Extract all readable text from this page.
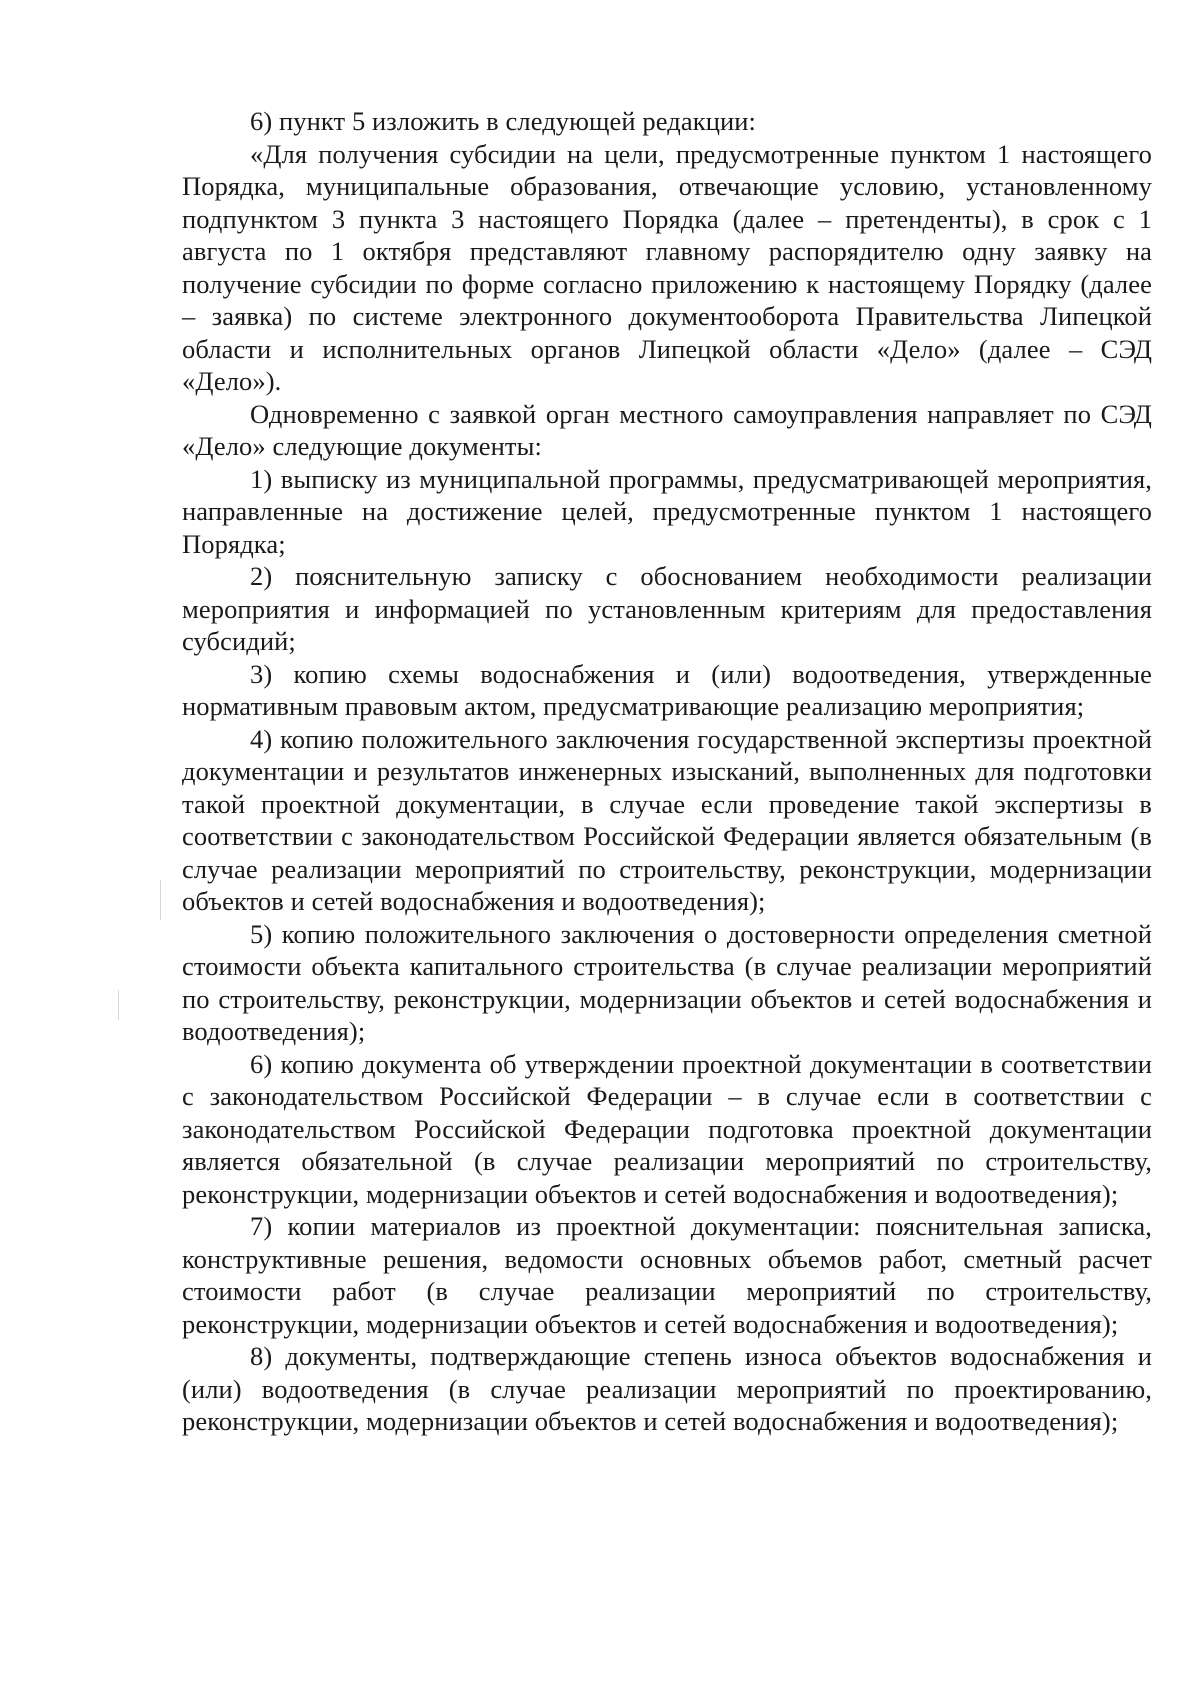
6) пункт 5 изложить в следующей редакции:

«Для получения субсидии на цели, предусмотренные пунктом 1 настоящего Порядка, муниципальные образования, отвечающие условию, установленному подпунктом 3 пункта 3 настоящего Порядка (далее – претенденты), в срок с 1 августа по 1 октября представляют главному распорядителю одну заявку на получение субсидии по форме согласно приложению к настоящему Порядку (далее – заявка) по системе электронного документооборота Правительства Липецкой области и исполнительных органов Липецкой области «Дело» (далее – СЭД «Дело»).

Одновременно с заявкой орган местного самоуправления направляет по СЭД «Дело» следующие документы:

1) выписку из муниципальной программы, предусматривающей мероприятия, направленные на достижение целей, предусмотренные пунктом 1 настоящего Порядка;

2) пояснительную записку с обоснованием необходимости реализации мероприятия и информацией по установленным критериям для предоставления субсидий;

3) копию схемы водоснабжения и (или) водоотведения, утвержденные нормативным правовым актом, предусматривающие реализацию мероприятия;

4) копию положительного заключения государственной экспертизы проектной документации и результатов инженерных изысканий, выполненных для подготовки такой проектной документации, в случае если проведение такой экспертизы в соответствии с законодательством Российской Федерации является обязательным (в случае реализации мероприятий по строительству, реконструкции, модернизации объектов и сетей водоснабжения и водоотведения);

5) копию положительного заключения о достоверности определения сметной стоимости объекта капитального строительства (в случае реализации мероприятий по строительству, реконструкции, модернизации объектов и сетей водоснабжения и водоотведения);

6) копию документа об утверждении проектной документации в соответствии с законодательством Российской Федерации – в случае если в соответствии с законодательством Российской Федерации подготовка проектной документации является обязательной (в случае реализации мероприятий по строительству, реконструкции, модернизации объектов и сетей водоснабжения и водоотведения);

7) копии материалов из проектной документации: пояснительная записка, конструктивные решения, ведомости основных объемов работ, сметный расчет стоимости работ (в случае реализации мероприятий по строительству, реконструкции, модернизации объектов и сетей водоснабжения и водоотведения);

8) документы, подтверждающие степень износа объектов водоснабжения и (или) водоотведения (в случае реализации мероприятий по проектированию, реконструкции, модернизации объектов и сетей водоснабжения и водоотведения);
